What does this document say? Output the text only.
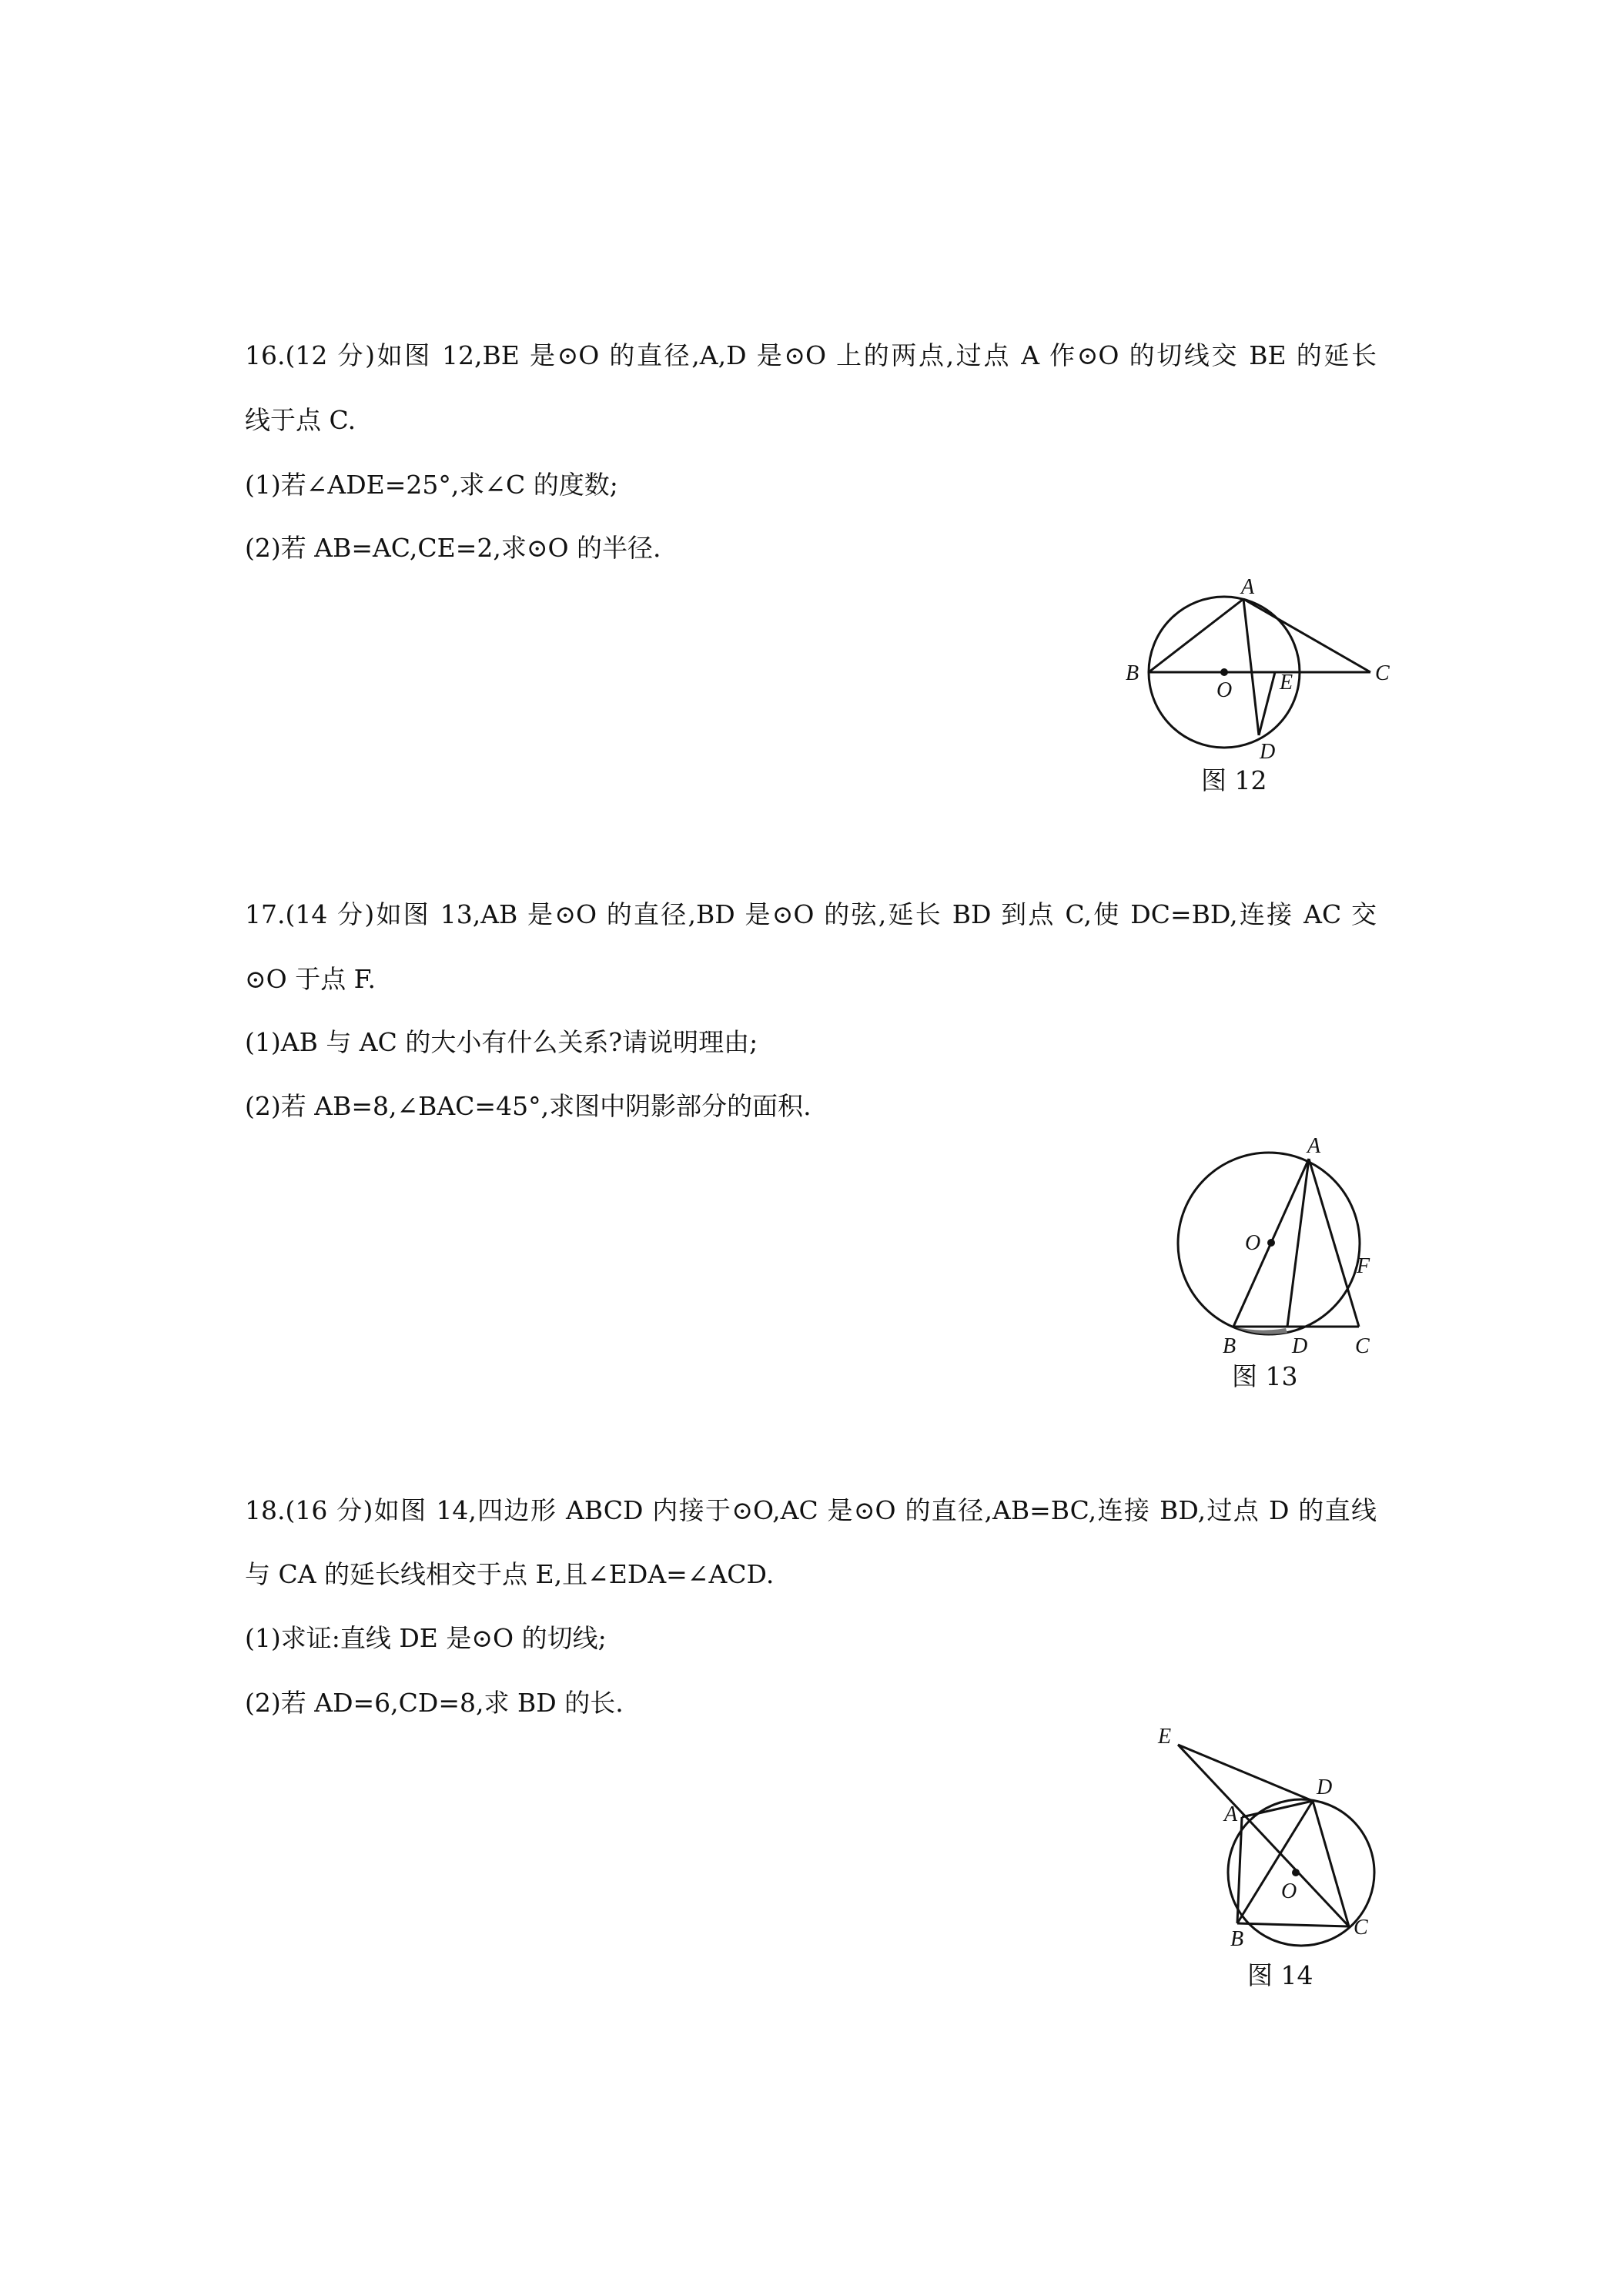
16.(12 分)如图 12,BE 是⊙O 的直径,A,D 是⊙O 上的两点,过点 A 作⊙O 的切线交 BE 的延长
线于点 C.
(1)若∠ADE=25°,求∠C 的度数;
(2)若 AB=AC,CE=2,求⊙O 的半径.
A
B
O E	C
D
图 12
17.(14 分)如图 13,AB 是⊙O 的直径,BD 是⊙O 的弦,延长 BD 到点 C,使 DC=BD,连接 AC 交
⊙O 于点 F.
(1)AB 与 AC 的大小有什么关系?请说明理由;
(2)若 AB=8,∠BAC=45°,求图中阴影部分的面积.
A
O
F
B	D C
图 13
18.(16 分)如图 14,四边形 ABCD 内接于⊙O,AC 是⊙O 的直径,AB=BC,连接 BD,过点 D 的直线
与 CA 的延长线相交于点 E,且∠EDA=∠ACD.
(1)求证:直线 DE 是⊙O 的切线;
(2)若 AD=6,CD=8,求 BD 的长.
E
D
A
O
B	C
图 14
